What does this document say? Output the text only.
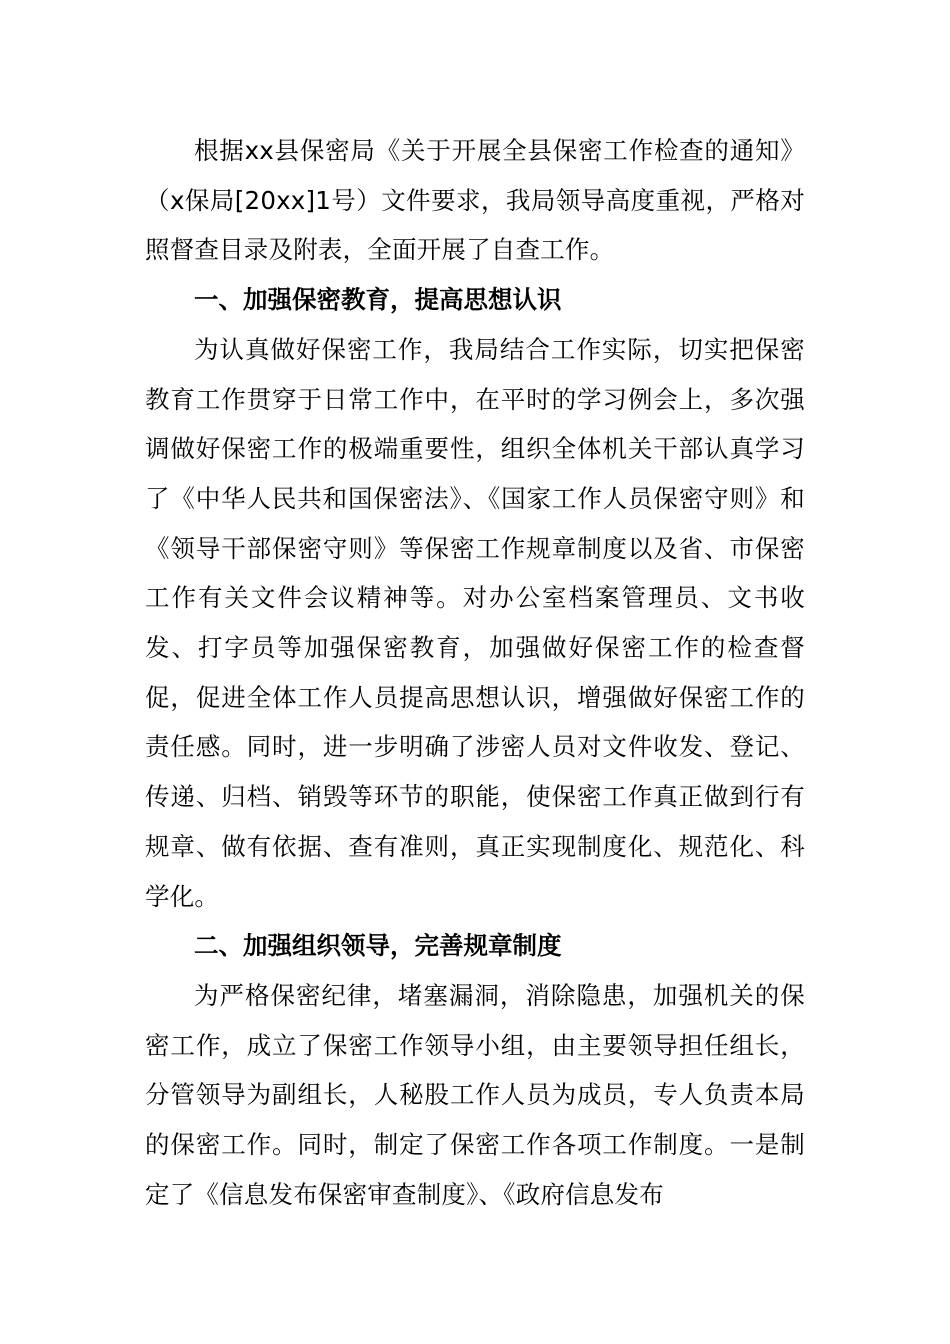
根据xx县保密局《关于开展全县保密工作检查的通知》（x保局[20xx]1号）文件要求，我局领导高度重视，严格对照督查目录及附表，全面开展了自查工作。

一、加强保密教育，提高思想认识

为认真做好保密工作，我局结合工作实际，切实把保密教育工作贯穿于日常工作中，在平时的学习例会上，多次强调做好保密工作的极端重要性，组织全体机关干部认真学习了《中华人民共和国保密法》、《国家工作人员保密守则》和《领导干部保密守则》等保密工作规章制度以及省、市保密工作有关文件会议精神等。对办公室档案管理员、文书收发、打字员等加强保密教育，加强做好保密工作的检查督促，促进全体工作人员提高思想认识，增强做好保密工作的责任感。同时，进一步明确了涉密人员对文件收发、登记、传递、归档、销毁等环节的职能，使保密工作真正做到行有规章、做有依据、查有准则，真正实现制度化、规范化、科学化。

二、加强组织领导，完善规章制度

为严格保密纪律，堵塞漏洞，消除隐患，加强机关的保密工作，成立了保密工作领导小组，由主要领导担任组长，分管领导为副组长，人秘股工作人员为成员，专人负责本局的保密工作。同时，制定了保密工作各项工作制度。一是制定了《信息发布保密审查制度》、《政府信息发布
